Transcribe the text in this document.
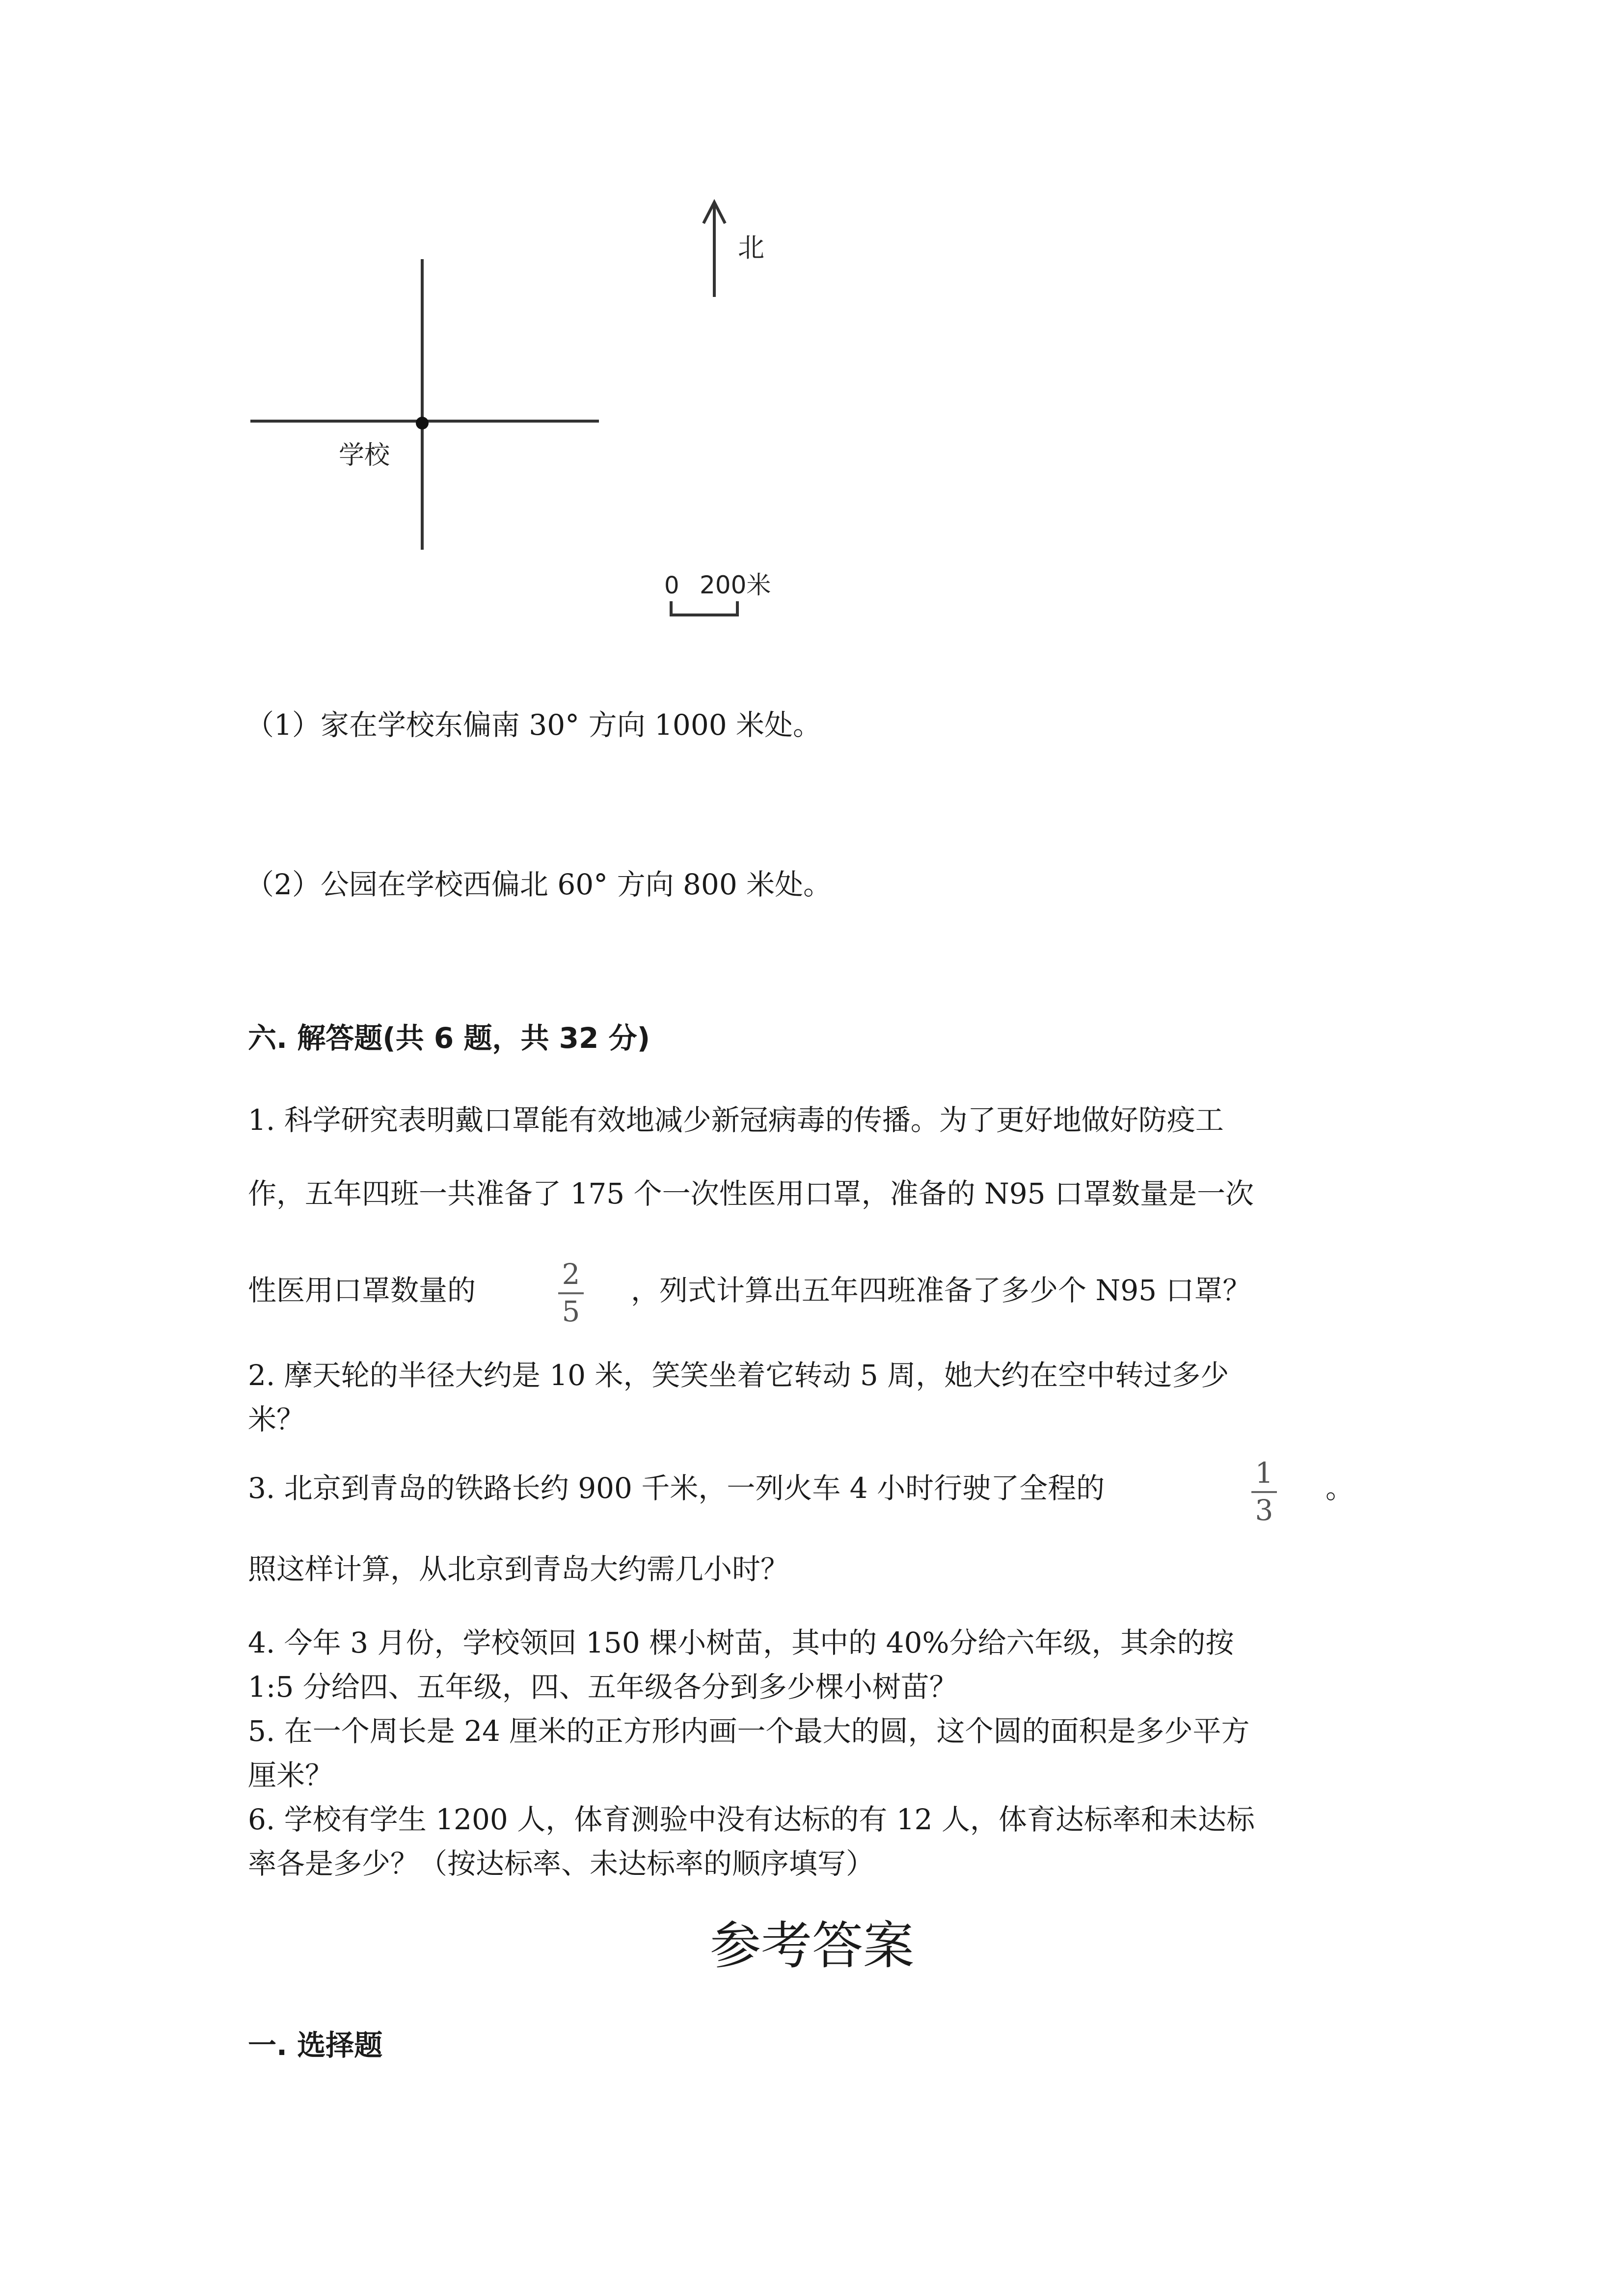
北
学校
0 200米
（1）家在学校东偏南 30° 方向 1000 米处。
（2）公园在学校西偏北 60° 方向 800 米处。
六. 解答题(共 6 题，共 32 分)
1. 科学研究表明戴口罩能有效地减少新冠病毒的传播。为了更好地做好防疫工
作，五年四班一共准备了 175 个一次性医用口罩，准备的 N95 口罩数量是一次
性医用口罩数量的	2
5
，列式计算出五年四班准备了多少个 N95 口罩？
2. 摩天轮的半径大约是 10 米，笑笑坐着它转动 5 周，她大约在空中转过多少
米？
3. 北京到青岛的铁路长约 900 千米，一列火车 4 小时行驶了全程的	1
3
。
照这样计算，从北京到青岛大约需几小时？
4. 今年 3 月份，学校领回 150 棵小树苗，其中的 40%分给六年级，其余的按
1:5 分给四、五年级，四、五年级各分到多少棵小树苗？
5. 在一个周长是 24 厘米的正方形内画一个最大的圆，这个圆的面积是多少平方
厘米？
6. 学校有学生 1200 人，体育测验中没有达标的有 12 人，体育达标率和未达标
率各是多少？（按达标率、未达标率的顺序填写）
参考答案
一. 选择题
